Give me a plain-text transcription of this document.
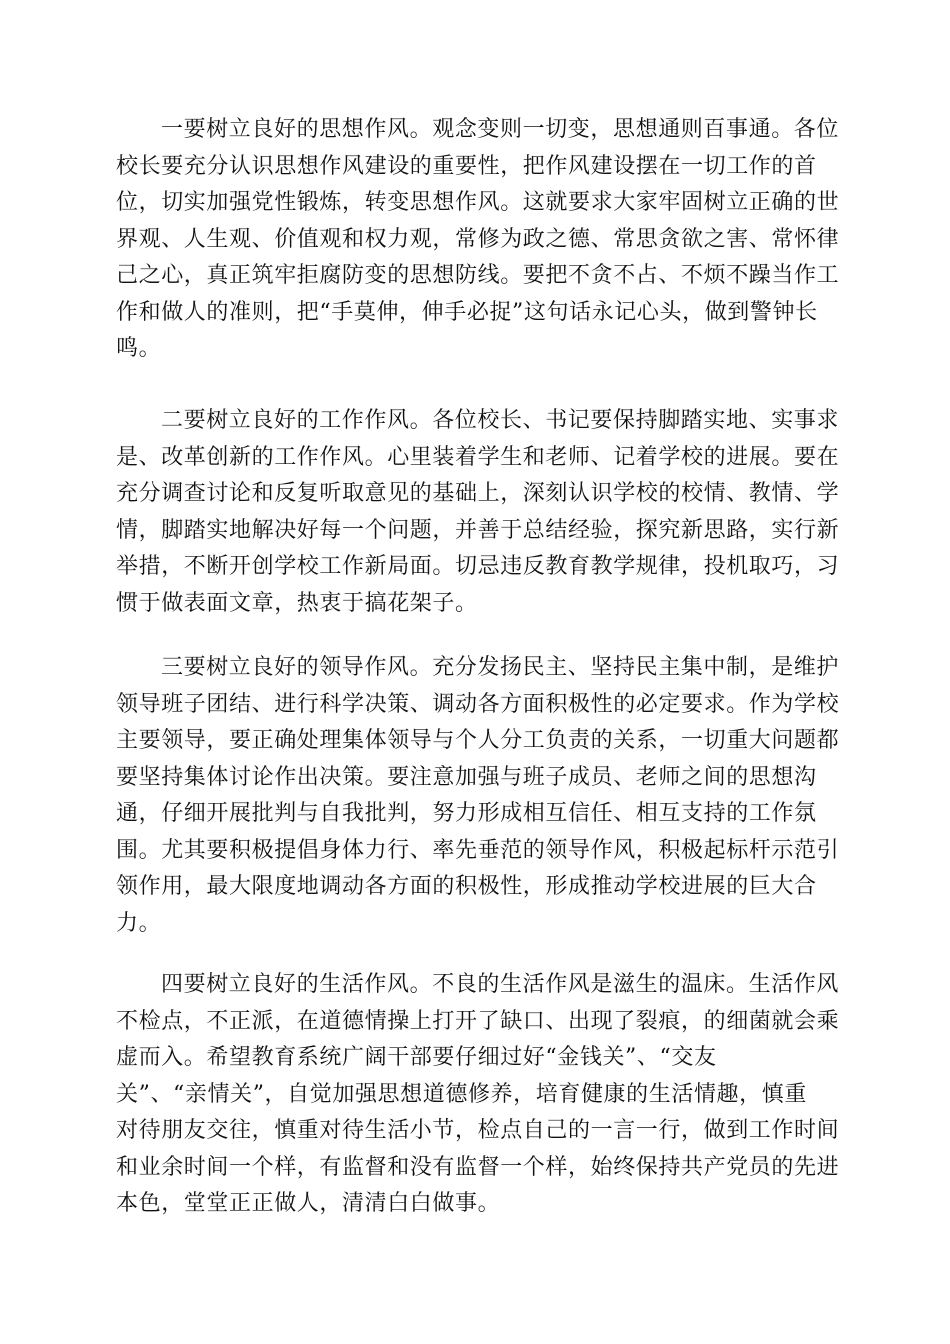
一要树立良好的思想作风。观念变则一切变，思想通则百事通。各位
校长要充分认识思想作风建设的重要性，把作风建设摆在一切工作的首
位，切实加强党性锻炼，转变思想作风。这就要求大家牢固树立正确的世
界观、人生观、价值观和权力观，常修为政之德、常思贪欲之害、常怀律
己之心，真正筑牢拒腐防变的思想防线。要把不贪不占、不烦不躁当作工
作和做人的准则，把“手莫伸，伸手必捉”这句话永记心头，做到警钟长
鸣。
二要树立良好的工作作风。各位校长、书记要保持脚踏实地、实事求
是、改革创新的工作作风。心里装着学生和老师、记着学校的进展。要在
充分调查讨论和反复听取意见的基础上，深刻认识学校的校情、教情、学
情，脚踏实地解决好每一个问题，并善于总结经验，探究新思路，实行新
举措，不断开创学校工作新局面。切忌违反教育教学规律，投机取巧，习
惯于做表面文章，热衷于搞花架子。
三要树立良好的领导作风。充分发扬民主、坚持民主集中制，是维护
领导班子团结、进行科学决策、调动各方面积极性的必定要求。作为学校
主要领导，要正确处理集体领导与个人分工负责的关系，一切重大问题都
要坚持集体讨论作出决策。要注意加强与班子成员、老师之间的思想沟
通，仔细开展批判与自我批判，努力形成相互信任、相互支持的工作氛
围。尤其要积极提倡身体力行、率先垂范的领导作风，积极起标杆示范引
领作用，最大限度地调动各方面的积极性，形成推动学校进展的巨大合
力。
四要树立良好的生活作风。不良的生活作风是滋生的温床。生活作风
不检点，不正派，在道德情操上打开了缺口、出现了裂痕，的细菌就会乘
虚而入。希望教育系统广阔干部要仔细过好“金钱关”、“交友
关”、“亲情关”，自觉加强思想道德修养，培育健康的生活情趣，慎重
对待朋友交往，慎重对待生活小节，检点自己的一言一行，做到工作时间
和业余时间一个样，有监督和没有监督一个样，始终保持共产党员的先进
本色，堂堂正正做人，清清白白做事。
